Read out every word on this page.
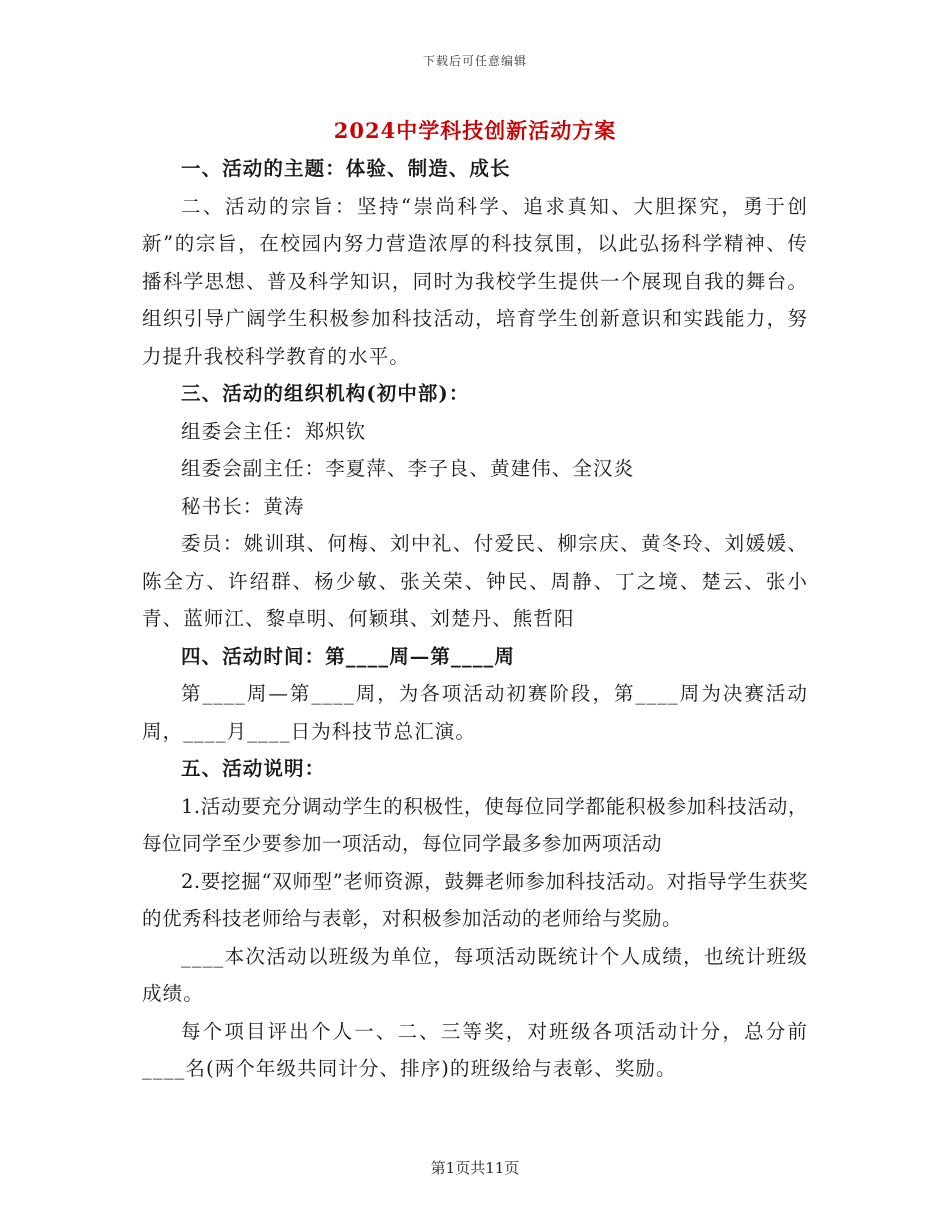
下载后可任意编辑
2024中学科技创新活动方案

一、活动的主题：体验、制造、成长

二、活动的宗旨：坚持“崇尚科学、追求真知、大胆探究，勇于创新”的宗旨，在校园内努力营造浓厚的科技氛围，以此弘扬科学精神、传播科学思想、普及科学知识，同时为我校学生提供一个展现自我的舞台。组织引导广阔学生积极参加科技活动，培育学生创新意识和实践能力，努力提升我校科学教育的水平。

三、活动的组织机构(初中部)：

组委会主任：郑炽钦

组委会副主任：李夏萍、李子良、黄建伟、全汉炎

秘书长：黄涛

委员：姚训琪、何梅、刘中礼、付爱民、柳宗庆、黄冬玲、刘媛媛、陈全方、许绍群、杨少敏、张关荣、钟民、周静、丁之境、楚云、张小青、蓝师江、黎卓明、何颖琪、刘楚丹、熊哲阳

四、活动时间：第____周—第____周

第____周—第____周，为各项活动初赛阶段，第____周为决赛活动周，____月____日为科技节总汇演。

五、活动说明：

1.活动要充分调动学生的积极性，使每位同学都能积极参加科技活动，每位同学至少要参加一项活动，每位同学最多参加两项活动

2.要挖掘“双师型”老师资源，鼓舞老师参加科技活动。对指导学生获奖的优秀科技老师给与表彰，对积极参加活动的老师给与奖励。

____本次活动以班级为单位，每项活动既统计个人成绩，也统计班级成绩。

每个项目评出个人一、二、三等奖，对班级各项活动计分，总分前____名(两个年级共同计分、排序)的班级给与表彰、奖励。

第1页共11页
